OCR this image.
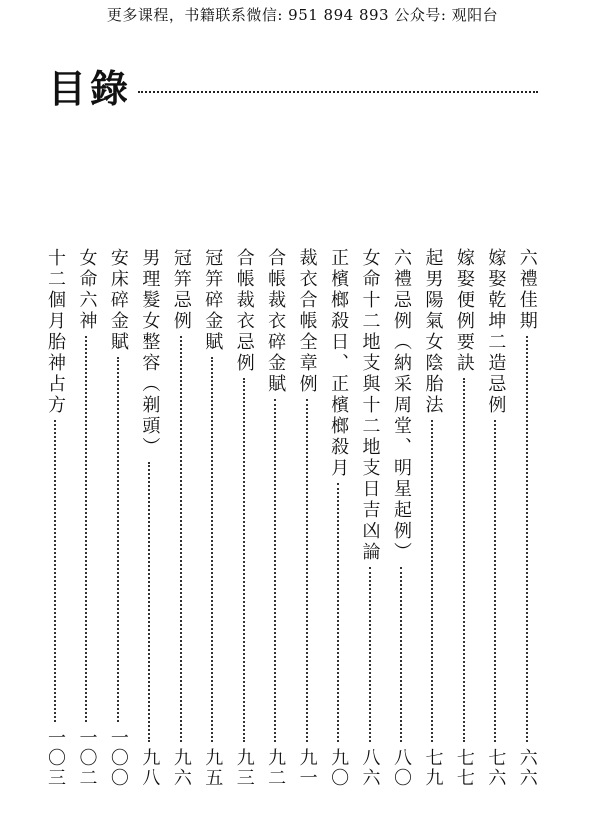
更多课程，书籍联系微信: 951 894 893 公众号: 观阳台
目錄
六禮佳期
六六
嫁娶乾坤二造忌例
七六
嫁娶便例要訣
七七
起男陽氣女陰胎法
七九
六禮忌例（納采周堂、明星起例）
八〇
女命十二地支與十二地支日吉凶論
八六
正檳榔殺日、正檳榔殺月
九〇
裁衣合帳全章例
九一
合帳裁衣碎金賦
九二
合帳裁衣忌例
九三
冠笄碎金賦
九五
冠笄忌例
九六
男理髮女整容（剃頭）
九八
安床碎金賦
一〇〇
女命六神
一〇二
十二個月胎神占方
一〇三
